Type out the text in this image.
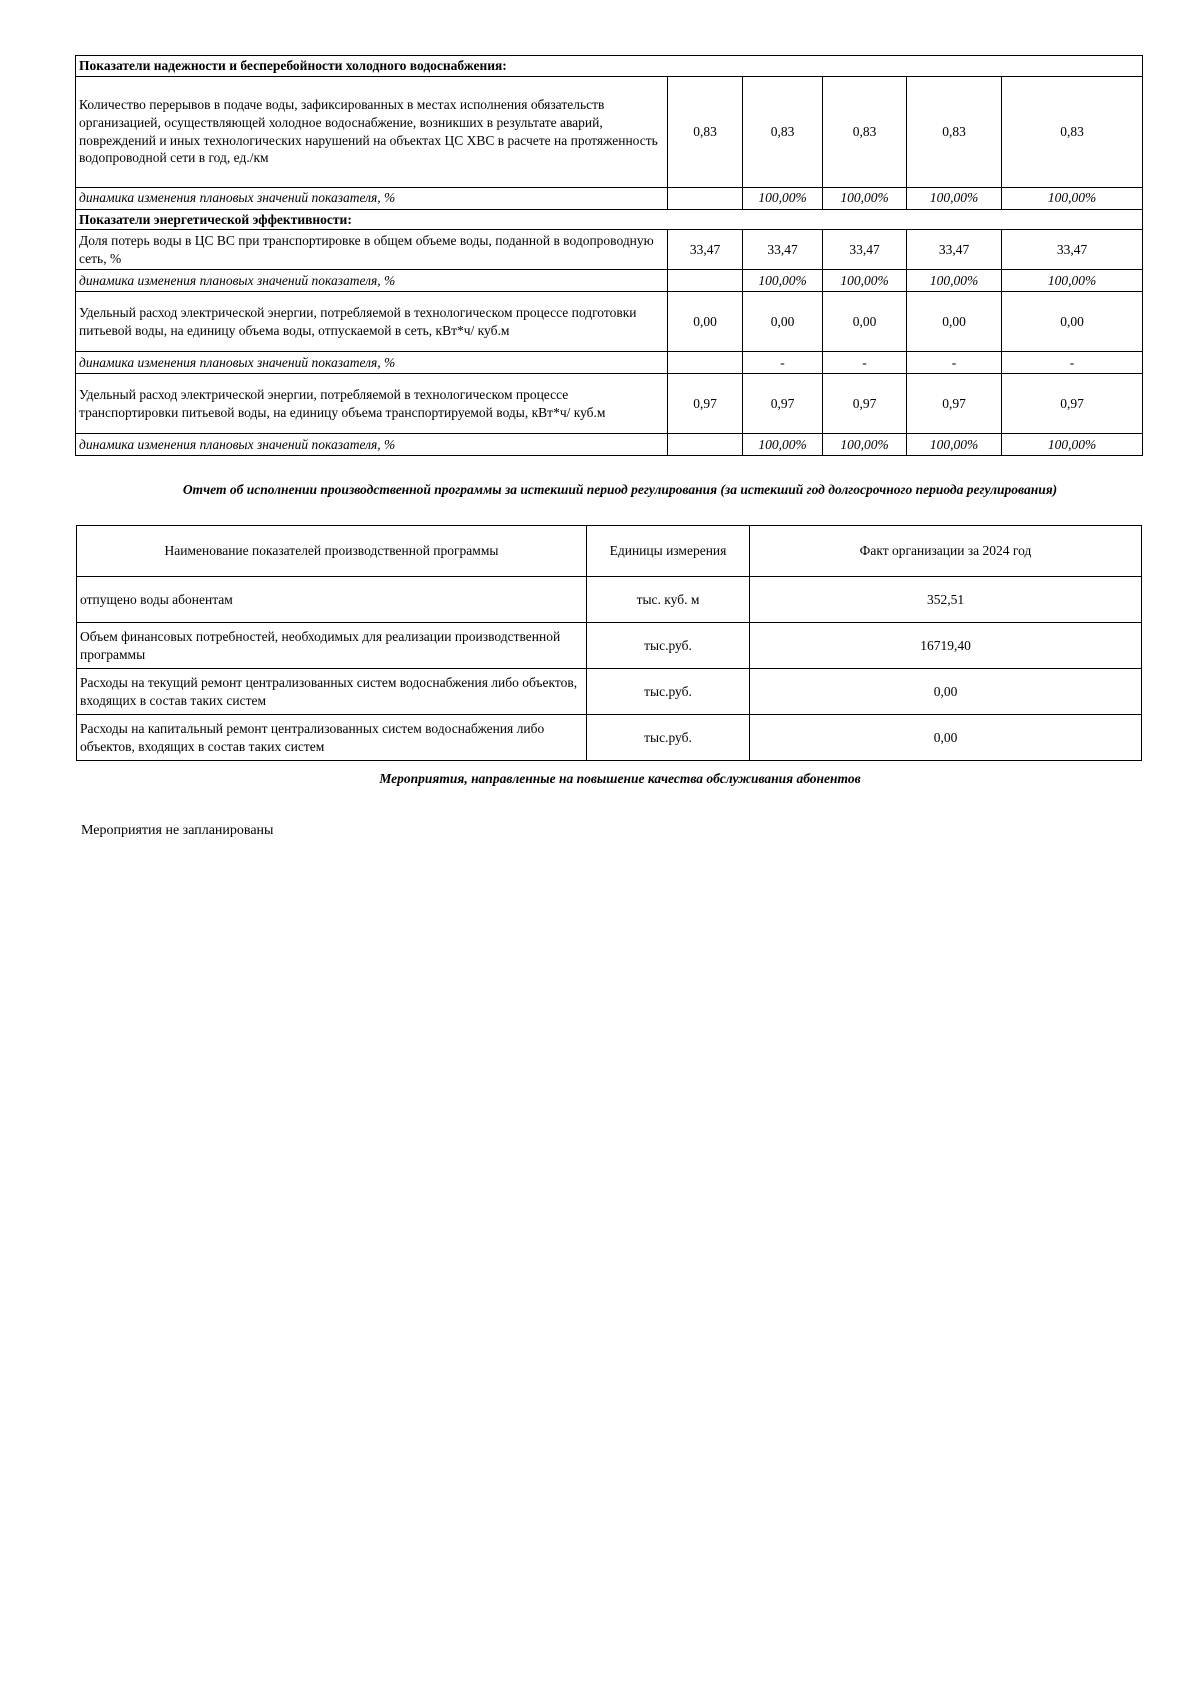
Показатели надежности и бесперебойности холодного водоснабжения:					
Количество перерывов в подаче воды, зафиксированных в местах исполнения обязательств организацией, осуществляющей холодное водоснабжение, возникших в результате аварий, повреждений и иных технологических нарушений на объектах ЦС ХВС в расчете на протяженность водопроводной сети в год, ед./км	0,83	0,83	0,83	0,83	0,83
динамика изменения плановых значений показателя, %		100,00%	100,00%	100,00%	100,00%
Показатели энергетической эффективности:					
Доля потерь воды в ЦС ВС при транспортировке в общем объеме воды, поданной в водопроводную сеть, %	33,47	33,47	33,47	33,47	33,47
динамика изменения плановых значений показателя, %		100,00%	100,00%	100,00%	100,00%
Удельный расход электрической энергии, потребляемой в технологическом процессе подготовки питьевой воды, на единицу объема воды, отпускаемой в сеть, кВт*ч/ куб.м	0,00	0,00	0,00	0,00	0,00
динамика изменения плановых значений показателя, %		-	-	-	-
Удельный расход электрической энергии, потребляемой в технологическом процессе транспортировки питьевой воды, на единицу объема транспортируемой воды, кВт*ч/ куб.м	0,97	0,97	0,97	0,97	0,97
динамика изменения плановых значений показателя, %		100,00%	100,00%	100,00%	100,00%
Отчет об исполнении производственной программы за истекший период регулирования (за истекший год долгосрочного периода регулирования)
Наименование показателей производственной программы	Единицы измерения	Факт организации за 2024 год
отпущено воды абонентам	тыс. куб. м	352,51
Объем финансовых потребностей, необходимых для реализации производственной программы	тыс.руб.	16719,40
Расходы на текущий ремонт централизованных систем водоснабжения либо объектов, входящих в состав таких систем	тыс.руб.	0,00
Расходы на капитальный ремонт централизованных систем водоснабжения либо объектов, входящих в состав таких систем	тыс.руб.	0,00
Мероприятия, направленные на повышение качества обслуживания абонентов
Мероприятия не запланированы
